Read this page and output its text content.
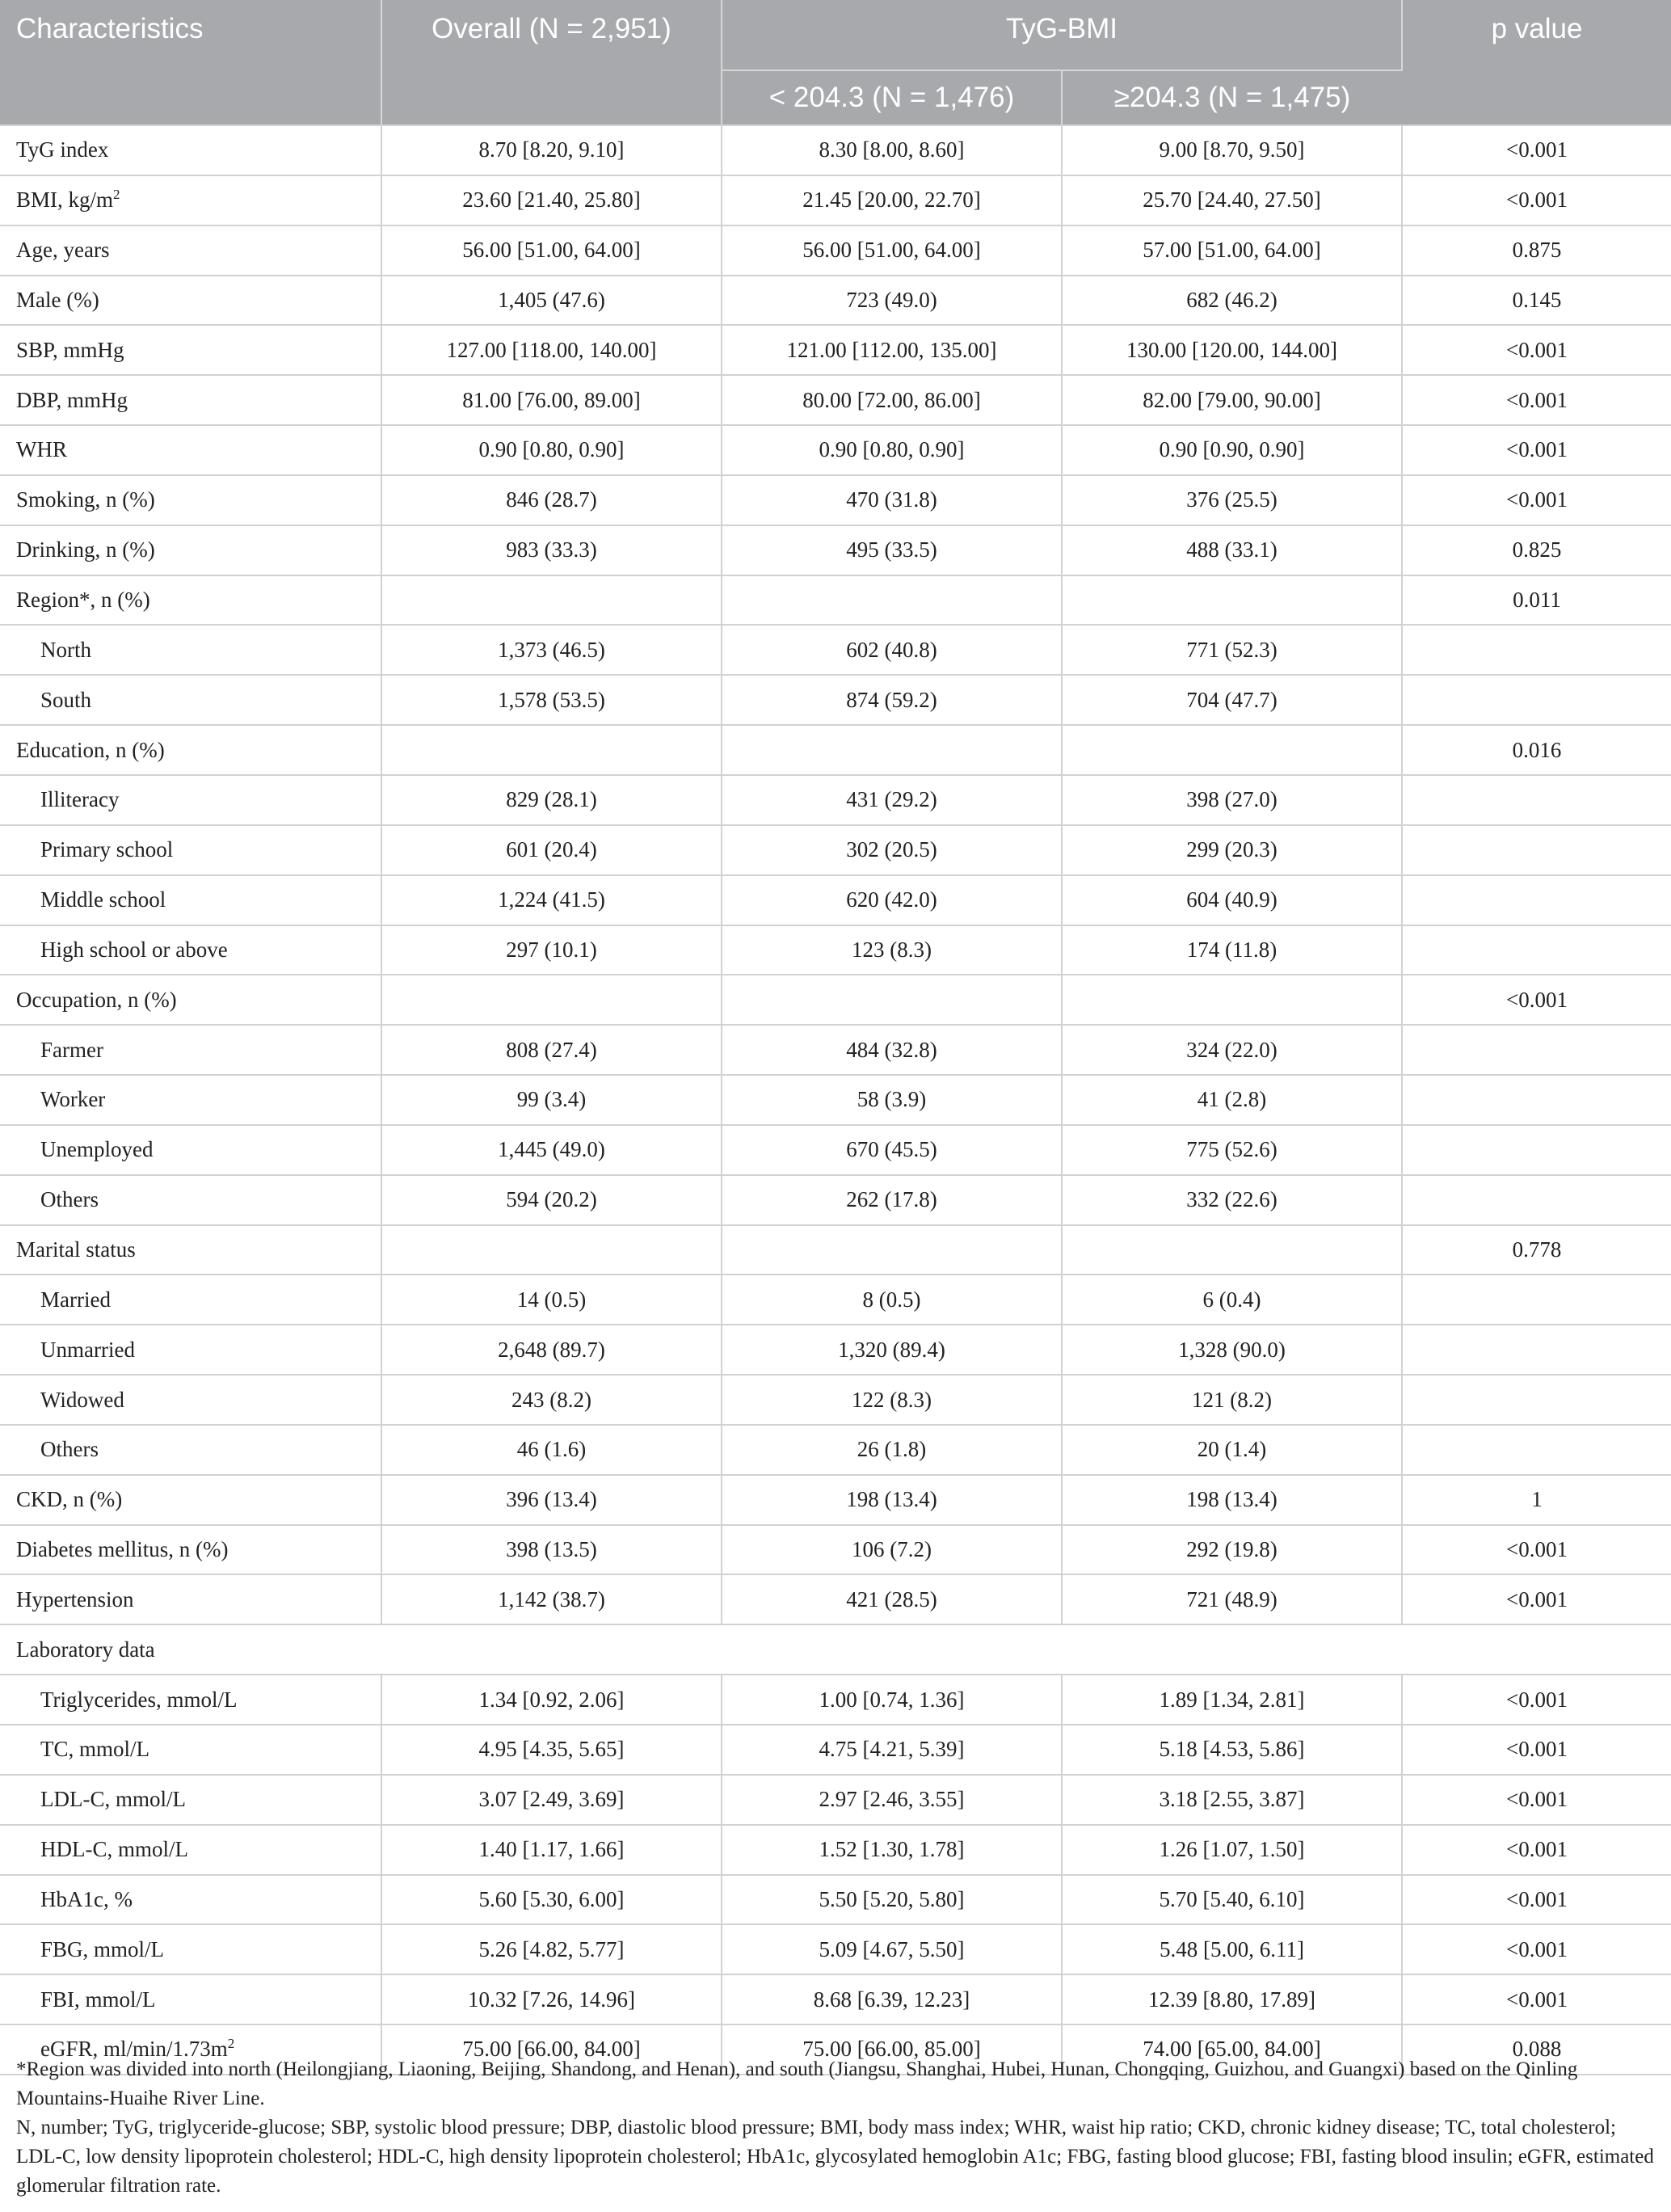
Characteristics	Overall (N = 2,951)	TyG-BMI		p value
		< 204.3 (N = 1,476)	≥204.3 (N = 1,475)	
TyG index	8.70 [8.20, 9.10]	8.30 [8.00, 8.60]	9.00 [8.70, 9.50]	<0.001
BMI, $kg/m^2$	23.60 [21.40, 25.80]	21.45 [20.00, 22.70]	25.70 [24.40, 27.50]	<0.001
Age, years	56.00 [51.00, 64.00]	56.00 [51.00, 64.00]	57.00 [51.00, 64.00]	0.875
Male (%)	1,405 (47.6)	723 (49.0)	682 (46.2)	0.145
SBP, mmHg	127.00 [118.00, 140.00]	121.00 [112.00, 135.00]	130.00 [120.00, 144.00]	<0.001
DBP, mmHg	81.00 [76.00, 89.00]	80.00 [72.00, 86.00]	82.00 [79.00, 90.00]	<0.001
WHR	0.90 [0.80, 0.90]	0.90 [0.80, 0.90]	0.90 [0.90, 0.90]	<0.001
Smoking, n (%)	846 (28.7)	470 (31.8)	376 (25.5)	<0.001
Drinking, n (%)	983 (33.3)	495 (33.5)	488 (33.1)	0.825
Region*, n (%)				0.011
North	1,373 (46.5)	602 (40.8)	771 (52.3)	
South	1,578 (53.5)	874 (59.2)	704 (47.7)	
Education, n (%)				0.016
Illiteracy	829 (28.1)	431 (29.2)	398 (27.0)	
Primary school	601 (20.4)	302 (20.5)	299 (20.3)	
Middle school	1,224 (41.5)	620 (42.0)	604 (40.9)	
High school or above	297 (10.1)	123 (8.3)	174 (11.8)	
Occupation, n (%)				<0.001
Farmer	808 (27.4)	484 (32.8)	324 (22.0)	
Worker	99 (3.4)	58 (3.9)	41 (2.8)	
Unemployed	1,445 (49.0)	670 (45.5)	775 (52.6)	
Others	594 (20.2)	262 (17.8)	332 (22.6)	
Marital status				0.778
Married	14 (0.5)	8 (0.5)	6 (0.4)	
Unmarried	2,648 (89.7)	1,320 (89.4)	1,328 (90.0)	
Widowed	243 (8.2)	122 (8.3)	121 (8.2)	
Others	46 (1.6)	26 (1.8)	20 (1.4)	
CKD, n (%)	396 (13.4)	198 (13.4)	198 (13.4)	1
Diabetes mellitus, n (%)	398 (13.5)	106 (7.2)	292 (19.8)	<0.001
Hypertension	1,142 (38.7)	421 (28.5)	721 (48.9)	<0.001
Laboratory data				
Triglycerides, mmol/L	1.34 [0.92, 2.06]	1.00 [0.74, 1.36]	1.89 [1.34, 2.81]	<0.001
TC, mmol/L	4.95 [4.35, 5.65]	4.75 [4.21, 5.39]	5.18 [4.53, 5.86]	<0.001
LDL-C, mmol/L	3.07 [2.49, 3.69]	2.97 [2.46, 3.55]	3.18 [2.55, 3.87]	<0.001
HDL-C, mmol/L	1.40 [1.17, 1.66]	1.52 [1.30, 1.78]	1.26 [1.07, 1.50]	<0.001
HbA1c, %	5.60 [5.30, 6.00]	5.50 [5.20, 5.80]	5.70 [5.40, 6.10]	<0.001
FBG, mmol/L	5.26 [4.82, 5.77]	5.09 [4.67, 5.50]	5.48 [5.00, 6.11]	<0.001
FBI, mmol/L	10.32 [7.26, 14.96]	8.68 [6.39, 12.23]	12.39 [8.80, 17.89]	<0.001
eGFR, $ml/\min/1.73m^2$	75.00 [66.00, 84.00]	75.00 [66.00, 85.00]	74.00 [65.00, 84.00]	0.088

*Region was divided into north (Heilongjiang, Liaoning, Beijing, Shandong, and Henan), and south (Jiangsu, Shanghai, Hubei, Hunan, Chongqing, Guizhou, and Guangxi) based on the Qinling Mountains-Huaihe River Line.

N, number; TyG, triglyceride-glucose; SBP, systolic blood pressure; DBP, diastolic blood pressure; BMI, body mass index; WHR, waist hip ratio; CKD, chronic kidney disease; TC, total cholesterol; LDL-C, low density lipoprotein cholesterol; HDL-C, high density lipoprotein cholesterol; HbA1c, glycosylated hemoglobin A1c; FBG, fasting blood glucose; FBI, fasting blood insulin; eGFR, estimated glomerular filtration rate.
